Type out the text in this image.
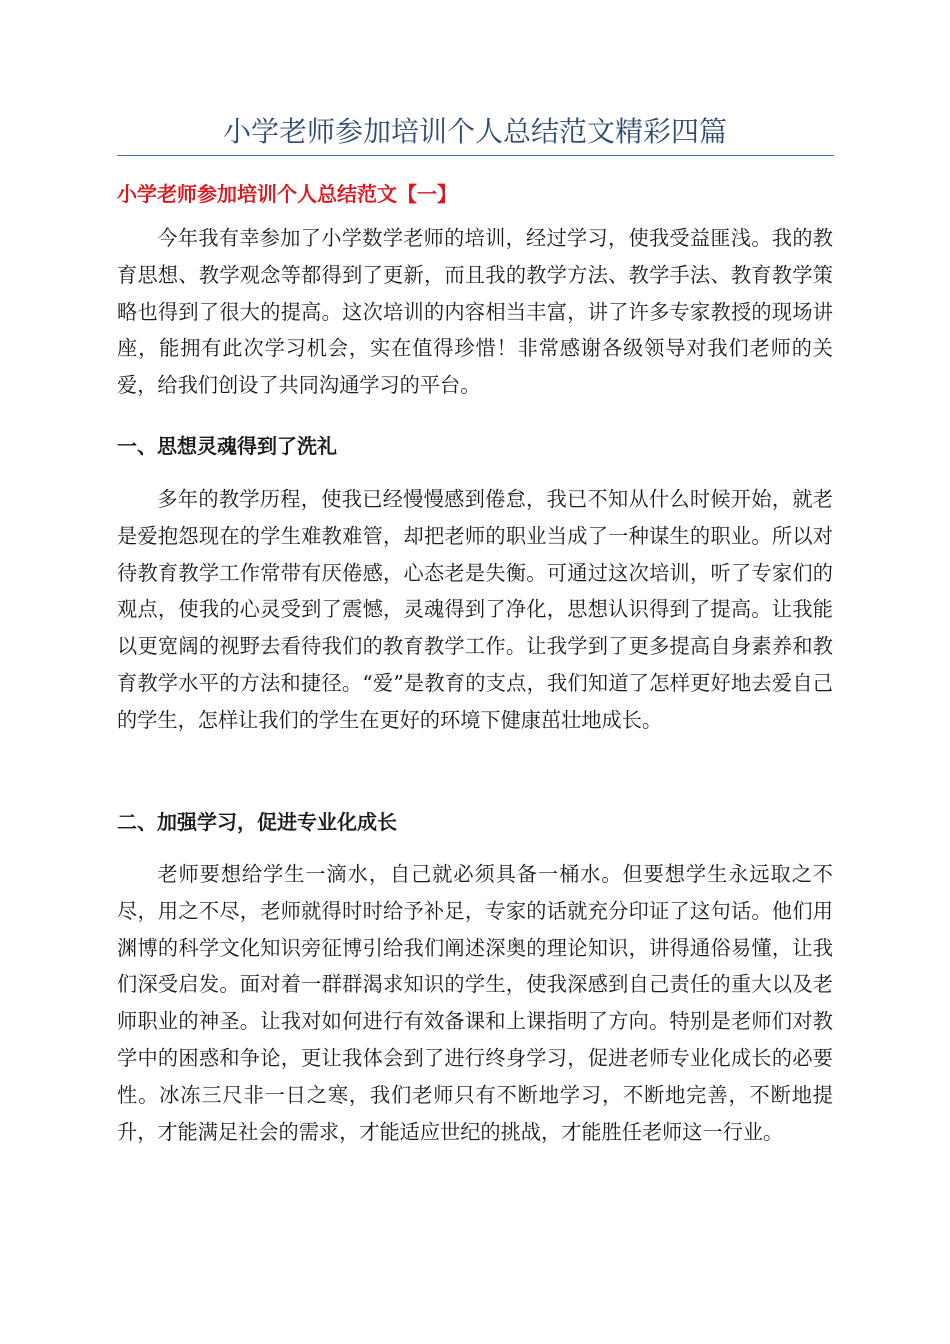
小学老师参加培训个人总结范文精彩四篇
小学老师参加培训个人总结范文【一】

今年我有幸参加了小学数学老师的培训，经过学习，使我受益匪浅。我的教育思想、教学观念等都得到了更新，而且我的教学方法、教学手法、教育教学策略也得到了很大的提高。这次培训的内容相当丰富，讲了许多专家教授的现场讲座，能拥有此次学习机会，实在值得珍惜！非常感谢各级领导对我们老师的关爱，给我们创设了共同沟通学习的平台。

一、思想灵魂得到了洗礼

多年的教学历程，使我已经慢慢感到倦怠，我已不知从什么时候开始，就老是爱抱怨现在的学生难教难管，却把老师的职业当成了一种谋生的职业。所以对待教育教学工作常带有厌倦感，心态老是失衡。可通过这次培训，听了专家们的观点，使我的心灵受到了震憾，灵魂得到了净化，思想认识得到了提高。让我能以更宽阔的视野去看待我们的教育教学工作。让我学到了更多提高自身素养和教育教学水平的方法和捷径。“爱”是教育的支点，我们知道了怎样更好地去爱自己的学生，怎样让我们的学生在更好的环境下健康茁壮地成长。

二、加强学习，促进专业化成长

老师要想给学生一滴水，自己就必须具备一桶水。但要想学生永远取之不尽，用之不尽，老师就得时时给予补足，专家的话就充分印证了这句话。他们用渊博的科学文化知识旁征博引给我们阐述深奥的理论知识，讲得通俗易懂，让我们深受启发。面对着一群群渴求知识的学生，使我深感到自己责任的重大以及老师职业的神圣。让我对如何进行有效备课和上课指明了方向。特别是老师们对教学中的困惑和争论，更让我体会到了进行终身学习，促进老师专业化成长的必要性。冰冻三尺非一日之寒，我们老师只有不断地学习，不断地完善，不断地提升，才能满足社会的需求，才能适应世纪的挑战，才能胜任老师这一行业。
